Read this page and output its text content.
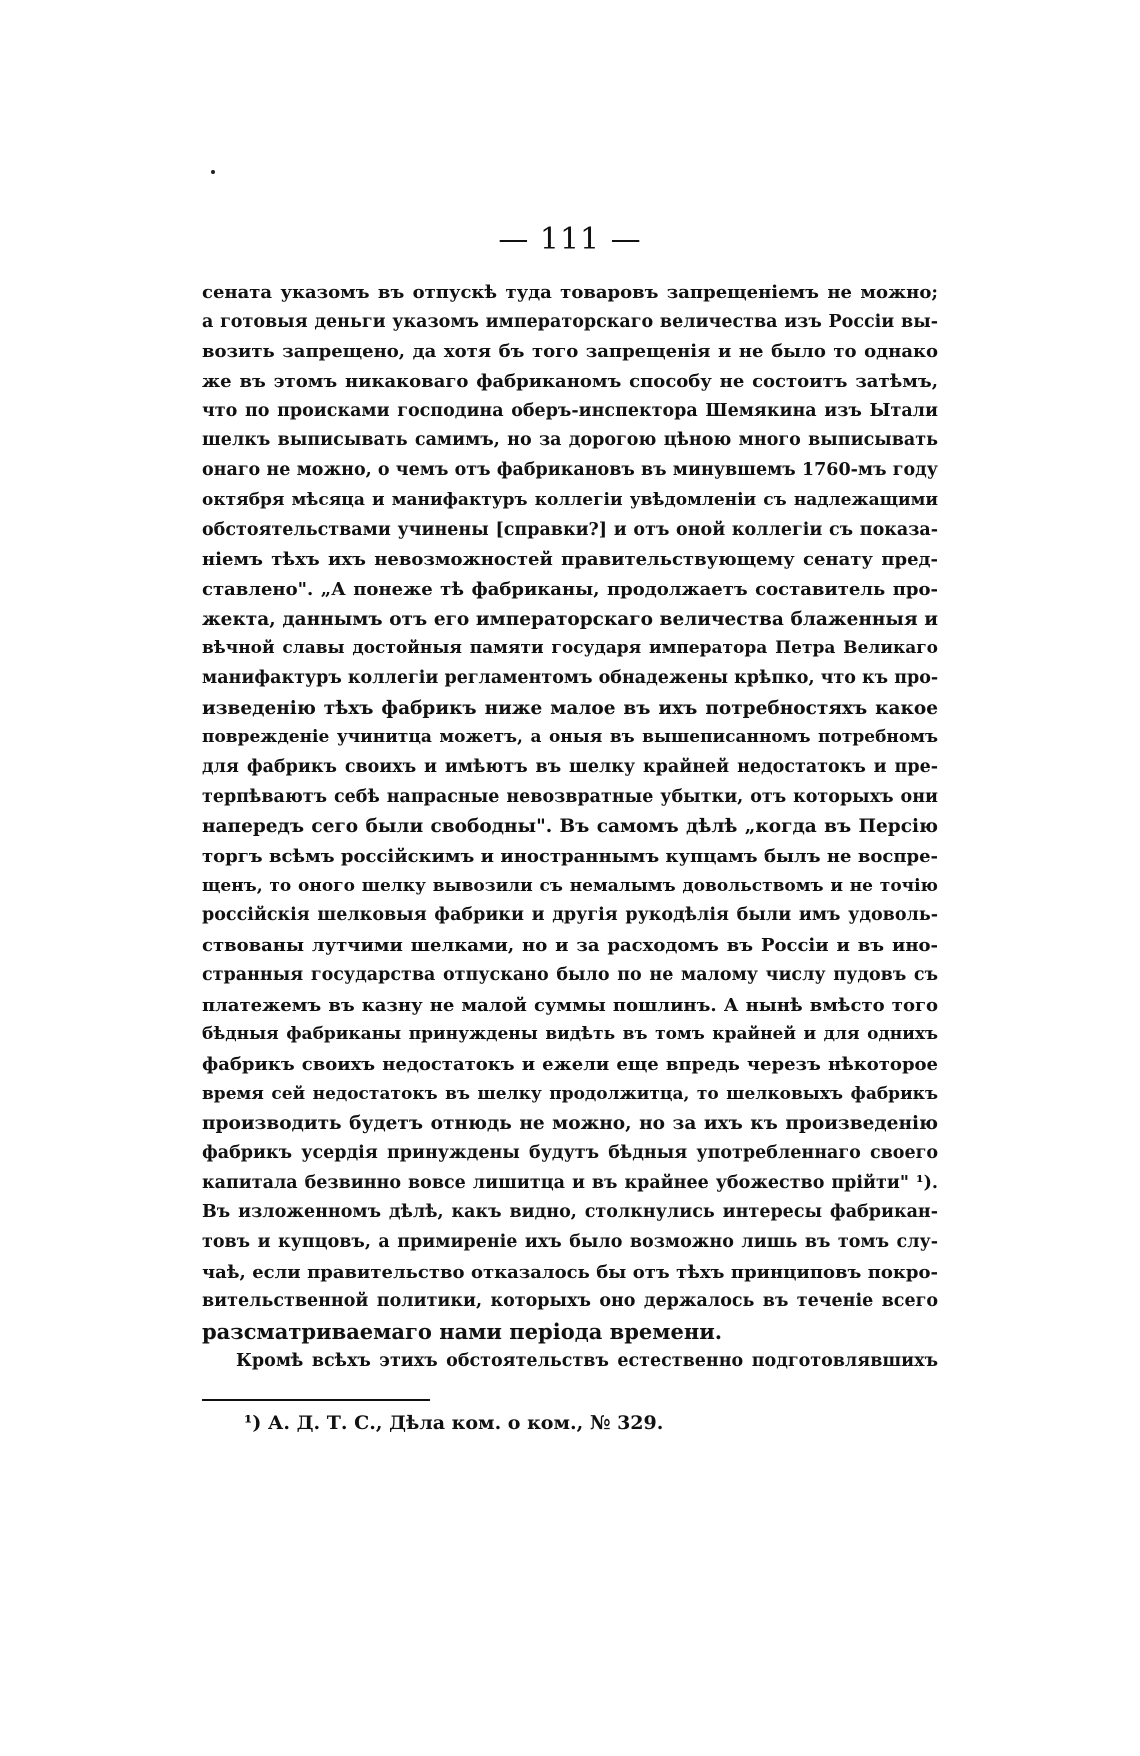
— 111 —
сената указомъ въ отпускѣ туда товаровъ запрещеніемъ не можно;
а готовыя деньги указомъ императорскаго величества изъ Россіи вы-
возить запрещено, да хотя бъ того запрещенія и не было то однако
же въ этомъ никаковаго фабриканомъ способу не состоитъ затѣмъ,
что по происками господина оберъ-инспектора Шемякина изъ Ытали
шелкъ выписывать самимъ, но за дорогою цѣною много выписывать
онаго не можно, о чемъ отъ фабрикановъ въ минувшемъ 1760-мъ году
октября мѣсяца и манифактуръ коллегіи увѣдомленіи съ надлежащими
обстоятельствами учинены [справки?] и отъ оной коллегіи съ показа-
ніемъ тѣхъ ихъ невозможностей правительствующему сенату пред-
ставлено". „А понеже тѣ фабриканы, продолжаетъ составитель про-
жекта, даннымъ отъ его императорскаго величества блаженныя и
вѣчной славы достойныя памяти государя императора Петра Великаго
манифактуръ коллегіи регламентомъ обнадежены крѣпко, что къ про-
изведенію тѣхъ фабрикъ ниже малое въ ихъ потребностяхъ какое
поврежденіе учинитца можетъ, а оныя въ вышеписанномъ потребномъ
для фабрикъ своихъ и имѣютъ въ шелку крайней недостатокъ и пре-
терпѣваютъ себѣ напрасные невозвратные убытки, отъ которыхъ они
напередъ сего были свободны". Въ самомъ дѣлѣ „когда въ Персію
торгъ всѣмъ россійскимъ и иностраннымъ купцамъ былъ не воспре-
щенъ, то оного шелку вывозили съ немалымъ довольствомъ и не точію
россійскія шелковыя фабрики и другія рукодѣлія были имъ удоволь-
ствованы лутчими шелками, но и за расходомъ въ Россіи и въ ино-
странныя государства отпускано было по не малому числу пудовъ съ
платежемъ въ казну не малой суммы пошлинъ. А нынѣ вмѣсто того
бѣдныя фабриканы принуждены видѣть въ томъ крайней и для однихъ
фабрикъ своихъ недостатокъ и ежели еще впредь черезъ нѣкоторое
время сей недостатокъ въ шелку продолжитца, то шелковыхъ фабрикъ
производить будетъ отнюдь не можно, но за ихъ къ произведенію
фабрикъ усердія принуждены будутъ бѣдныя употребленнаго своего
капитала безвинно вовсе лишитца и въ крайнее убожество прійти" ¹).
Въ изложенномъ дѣлѣ, какъ видно, столкнулись интересы фабрикан-
товъ и купцовъ, а примиреніе ихъ было возможно лишь въ томъ слу-
чаѣ, если правительство отказалось бы отъ тѣхъ принциповъ покро-
вительственной политики, которыхъ оно держалось въ теченіе всего
разсматриваемаго нами періода времени.
Кромѣ всѣхъ этихъ обстоятельствъ естественно подготовлявшихъ
¹) А. Д. Т. С., Дѣла ком. о ком., № 329.
